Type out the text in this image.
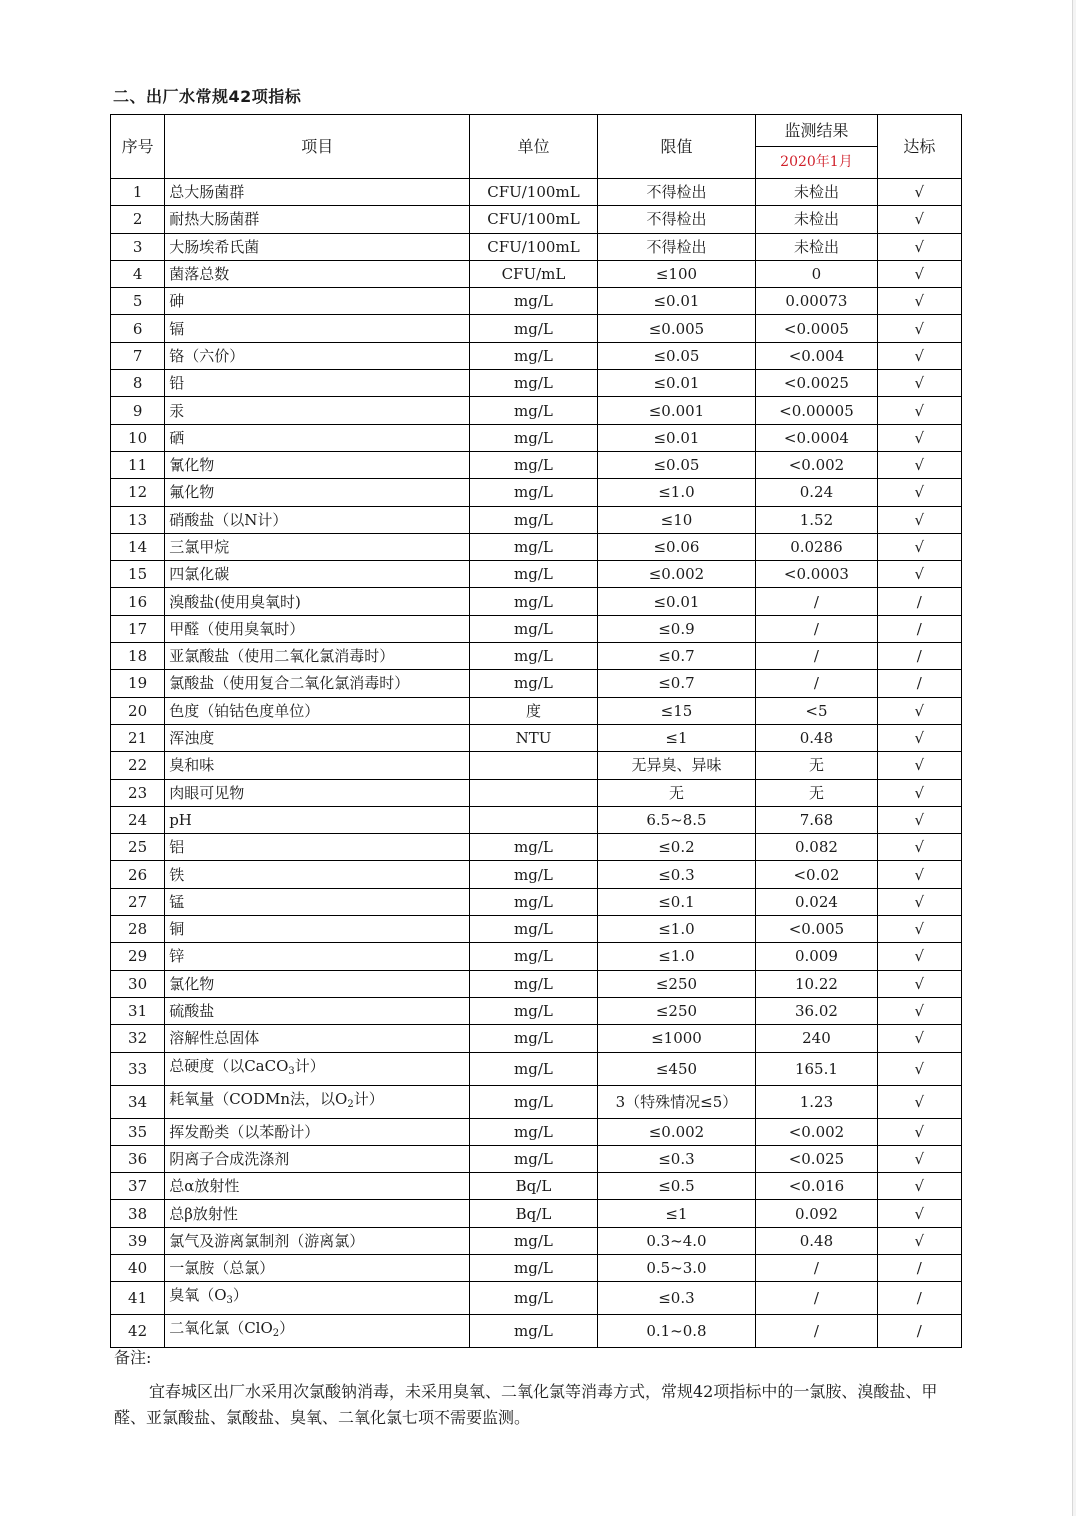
二、出厂水常规42项指标
序号	项目	单位	限值	监测结果	达标
				2020年1月	
1	总大肠菌群	CFU/100mL	不得检出	未检出	√
2	耐热大肠菌群	CFU/100mL	不得检出	未检出	√
3	大肠埃希氏菌	CFU/100mL	不得检出	未检出	√
4	菌落总数	CFU/mL	≤100	0	√
5	砷	mg/L	≤0.01	0.00073	√
6	镉	mg/L	≤0.005	<0.0005	√
7	铬（六价）	mg/L	≤0.05	<0.004	√
8	铅	mg/L	≤0.01	<0.0025	√
9	汞	mg/L	≤0.001	<0.00005	√
10	硒	mg/L	≤0.01	<0.0004	√
11	氰化物	mg/L	≤0.05	<0.002	√
12	氟化物	mg/L	≤1.0	0.24	√
13	硝酸盐（以N计）	mg/L	≤10	1.52	√
14	三氯甲烷	mg/L	≤0.06	0.0286	√
15	四氯化碳	mg/L	≤0.002	<0.0003	√
16	溴酸盐(使用臭氧时)	mg/L	≤0.01	/	/
17	甲醛（使用臭氧时）	mg/L	≤0.9	/	/
18	亚氯酸盐（使用二氧化氯消毒时）	mg/L	≤0.7	/	/
19	氯酸盐（使用复合二氧化氯消毒时）	mg/L	≤0.7	/	/
20	色度（铂钴色度单位）	度	≤15	<5	√
21	浑浊度	NTU	≤1	0.48	√
22	臭和味		无异臭、异味	无	√
23	肉眼可见物		无	无	√
24	pH		6.5~8.5	7.68	√
25	铝	mg/L	≤0.2	0.082	√
26	铁	mg/L	≤0.3	<0.02	√
27	锰	mg/L	≤0.1	0.024	√
28	铜	mg/L	≤1.0	<0.005	√
29	锌	mg/L	≤1.0	0.009	√
30	氯化物	mg/L	≤250	10.22	√
31	硫酸盐	mg/L	≤250	36.02	√
32	溶解性总固体	mg/L	≤1000	240	√
33	总硬度（以CaCO$_3$计）	mg/L	≤450	165.1	√
34	耗氧量（CODMn法，以$O_2$计）	mg/L	3（特殊情况≤5）	1.23	√
35	挥发酚类（以苯酚计）	mg/L	≤0.002	<0.002	√
36	阴离子合成洗涤剂	mg/L	≤0.3	<0.025	√
37	总α放射性	Bq/L	≤0.5	<0.016	√
38	总β放射性	Bq/L	≤1	0.092	√
39	氯气及游离氯制剂（游离氯）	mg/L	0.3~4.0	0.48	√
40	一氯胺（总氯）	mg/L	0.5~3.0	/	/
41	臭氧$(O_3)$	mg/L	≤0.3	/	/
42	二氧化氯（ClO$_2$）	mg/L	0.1~0.8	/	/
备注:
宜春城区出厂水采用次氯酸钠消毒，未采用臭氧、二氧化氯等消毒方式，常规42项指标中的一氯胺、溴酸盐、甲醛、亚氯酸盐、氯酸盐、臭氧、二氧化氯七项不需要监测。
